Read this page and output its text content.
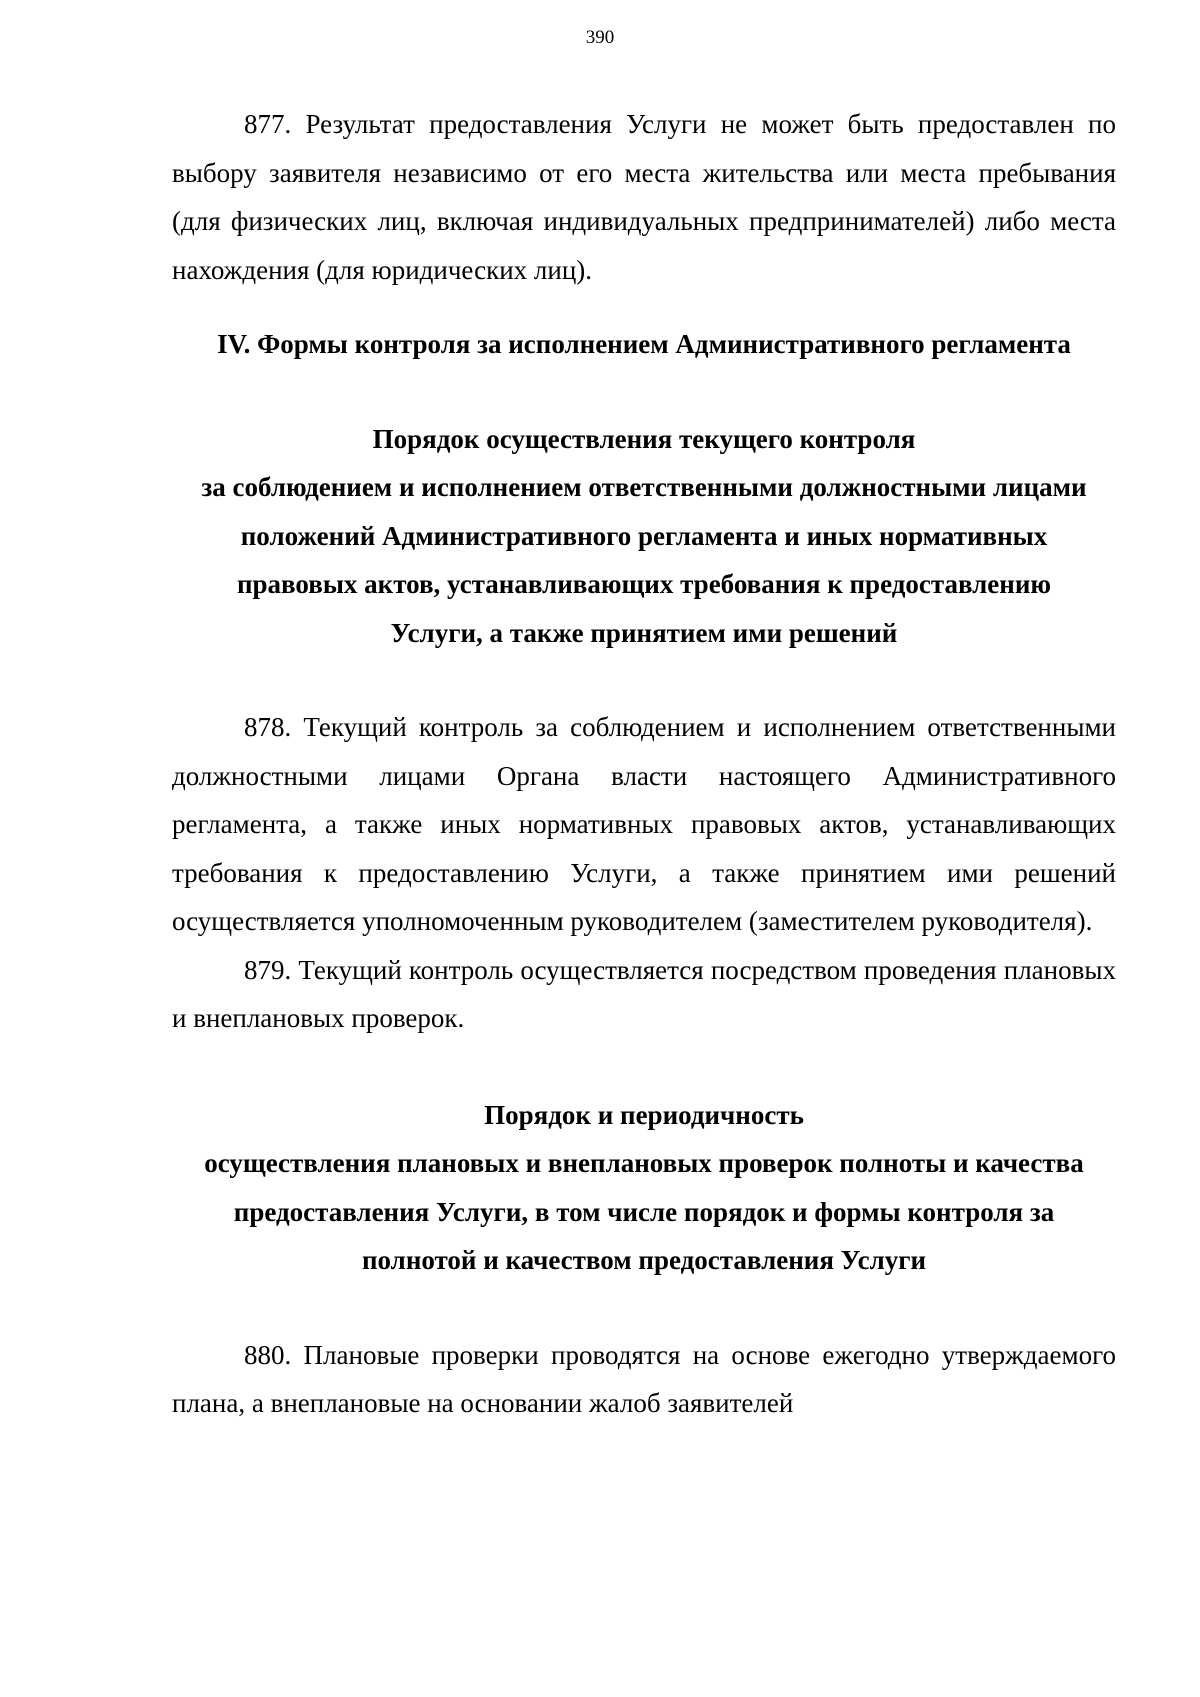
390

877. Результат предоставления Услуги не может быть предоставлен по выбору заявителя независимо от его места жительства или места пребывания (для физических лиц, включая индивидуальных предпринимателей) либо места нахождения (для юридических лиц).

IV. Формы контроля за исполнением Административного регламента
Порядок осуществления текущего контроля
за соблюдением и исполнением ответственными должностными лицами
положений Административного регламента и иных нормативных
правовых актов, устанавливающих требования к предоставлению
Услуги, а также принятием ими решений

878. Текущий контроль за соблюдением и исполнением ответственными должностными лицами Органа власти настоящего Административного регламента, а также иных нормативных правовых актов, устанавливающих требования к предоставлению Услуги, а также принятием ими решений осуществляется уполномоченным руководителем (заместителем руководителя).

879. Текущий контроль осуществляется посредством проведения плановых и внеплановых проверок.

Порядок и периодичность
осуществления плановых и внеплановых проверок полноты и качества
предоставления Услуги, в том числе порядок и формы контроля за
полнотой и качеством предоставления Услуги

880. Плановые проверки проводятся на основе ежегодно утверждаемого плана, а внеплановые на основании жалоб заявителей
